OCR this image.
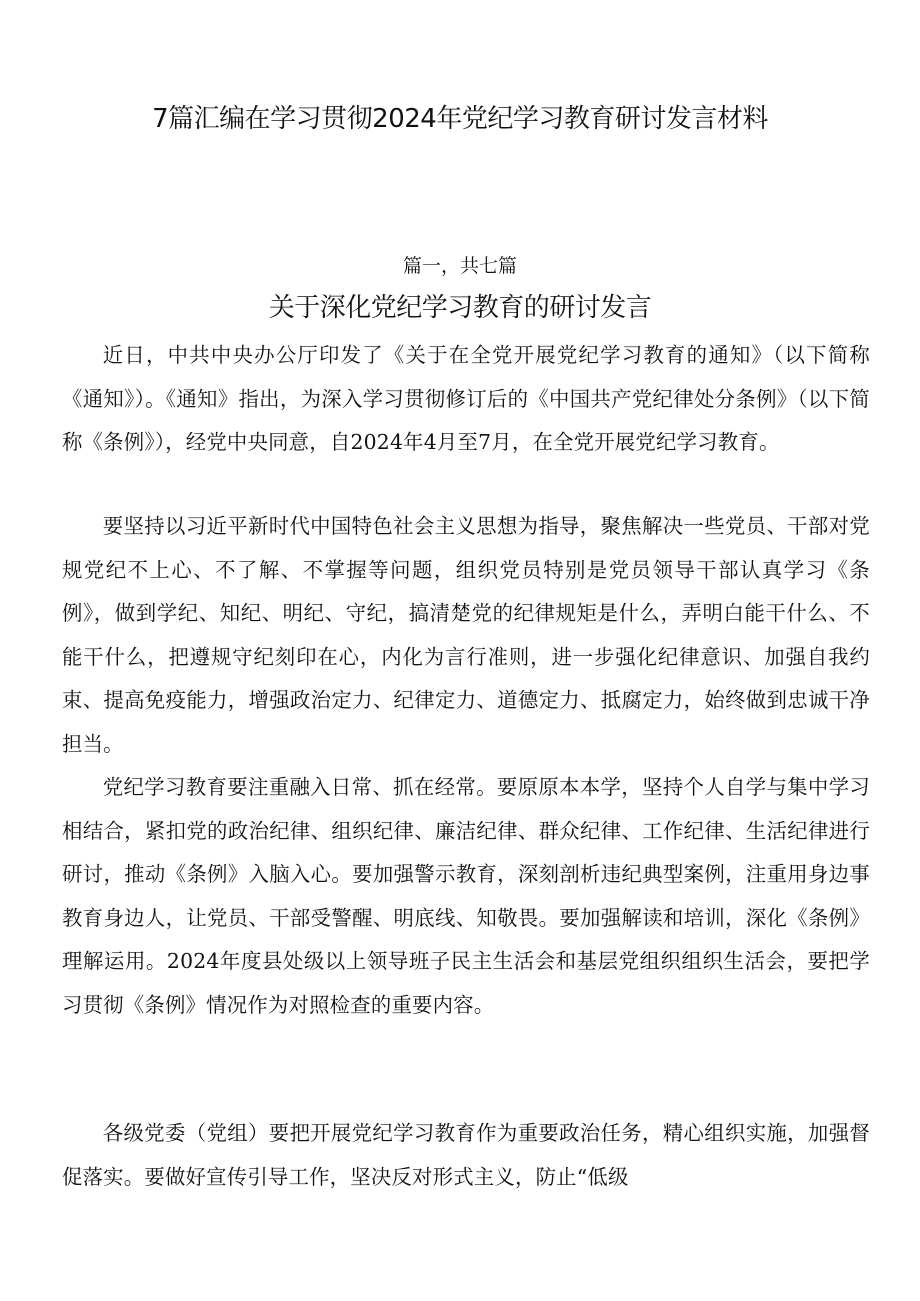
7篇汇编在学习贯彻2024年党纪学习教育研讨发言材料
篇一，共七篇
关于深化党纪学习教育的研讨发言

近日，中共中央办公厅印发了《关于在全党开展党纪学习教育的通知》（以下简称《通知》）。《通知》指出，为深入学习贯彻修订后的《中国共产党纪律处分条例》（以下简称《条例》），经党中央同意，自2024年4月至7月，在全党开展党纪学习教育。

要坚持以习近平新时代中国特色社会主义思想为指导，聚焦解决一些党员、干部对党规党纪不上心、不了解、不掌握等问题，组织党员特别是党员领导干部认真学习《条例》，做到学纪、知纪、明纪、守纪，搞清楚党的纪律规矩是什么，弄明白能干什么、不能干什么，把遵规守纪刻印在心，内化为言行准则，进一步强化纪律意识、加强自我约束、提高免疫能力，增强政治定力、纪律定力、道德定力、抵腐定力，始终做到忠诚干净担当。

党纪学习教育要注重融入日常、抓在经常。要原原本本学，坚持个人自学与集中学习相结合，紧扣党的政治纪律、组织纪律、廉洁纪律、群众纪律、工作纪律、生活纪律进行研讨，推动《条例》入脑入心。要加强警示教育，深刻剖析违纪典型案例，注重用身边事教育身边人，让党员、干部受警醒、明底线、知敬畏。要加强解读和培训，深化《条例》理解运用。2024年度县处级以上领导班子民主生活会和基层党组织组织生活会，要把学习贯彻《条例》情况作为对照检查的重要内容。

各级党委（党组）要把开展党纪学习教育作为重要政治任务，精心组织实施，加强督促落实。要做好宣传引导工作，坚决反对形式主义，防止“低级
